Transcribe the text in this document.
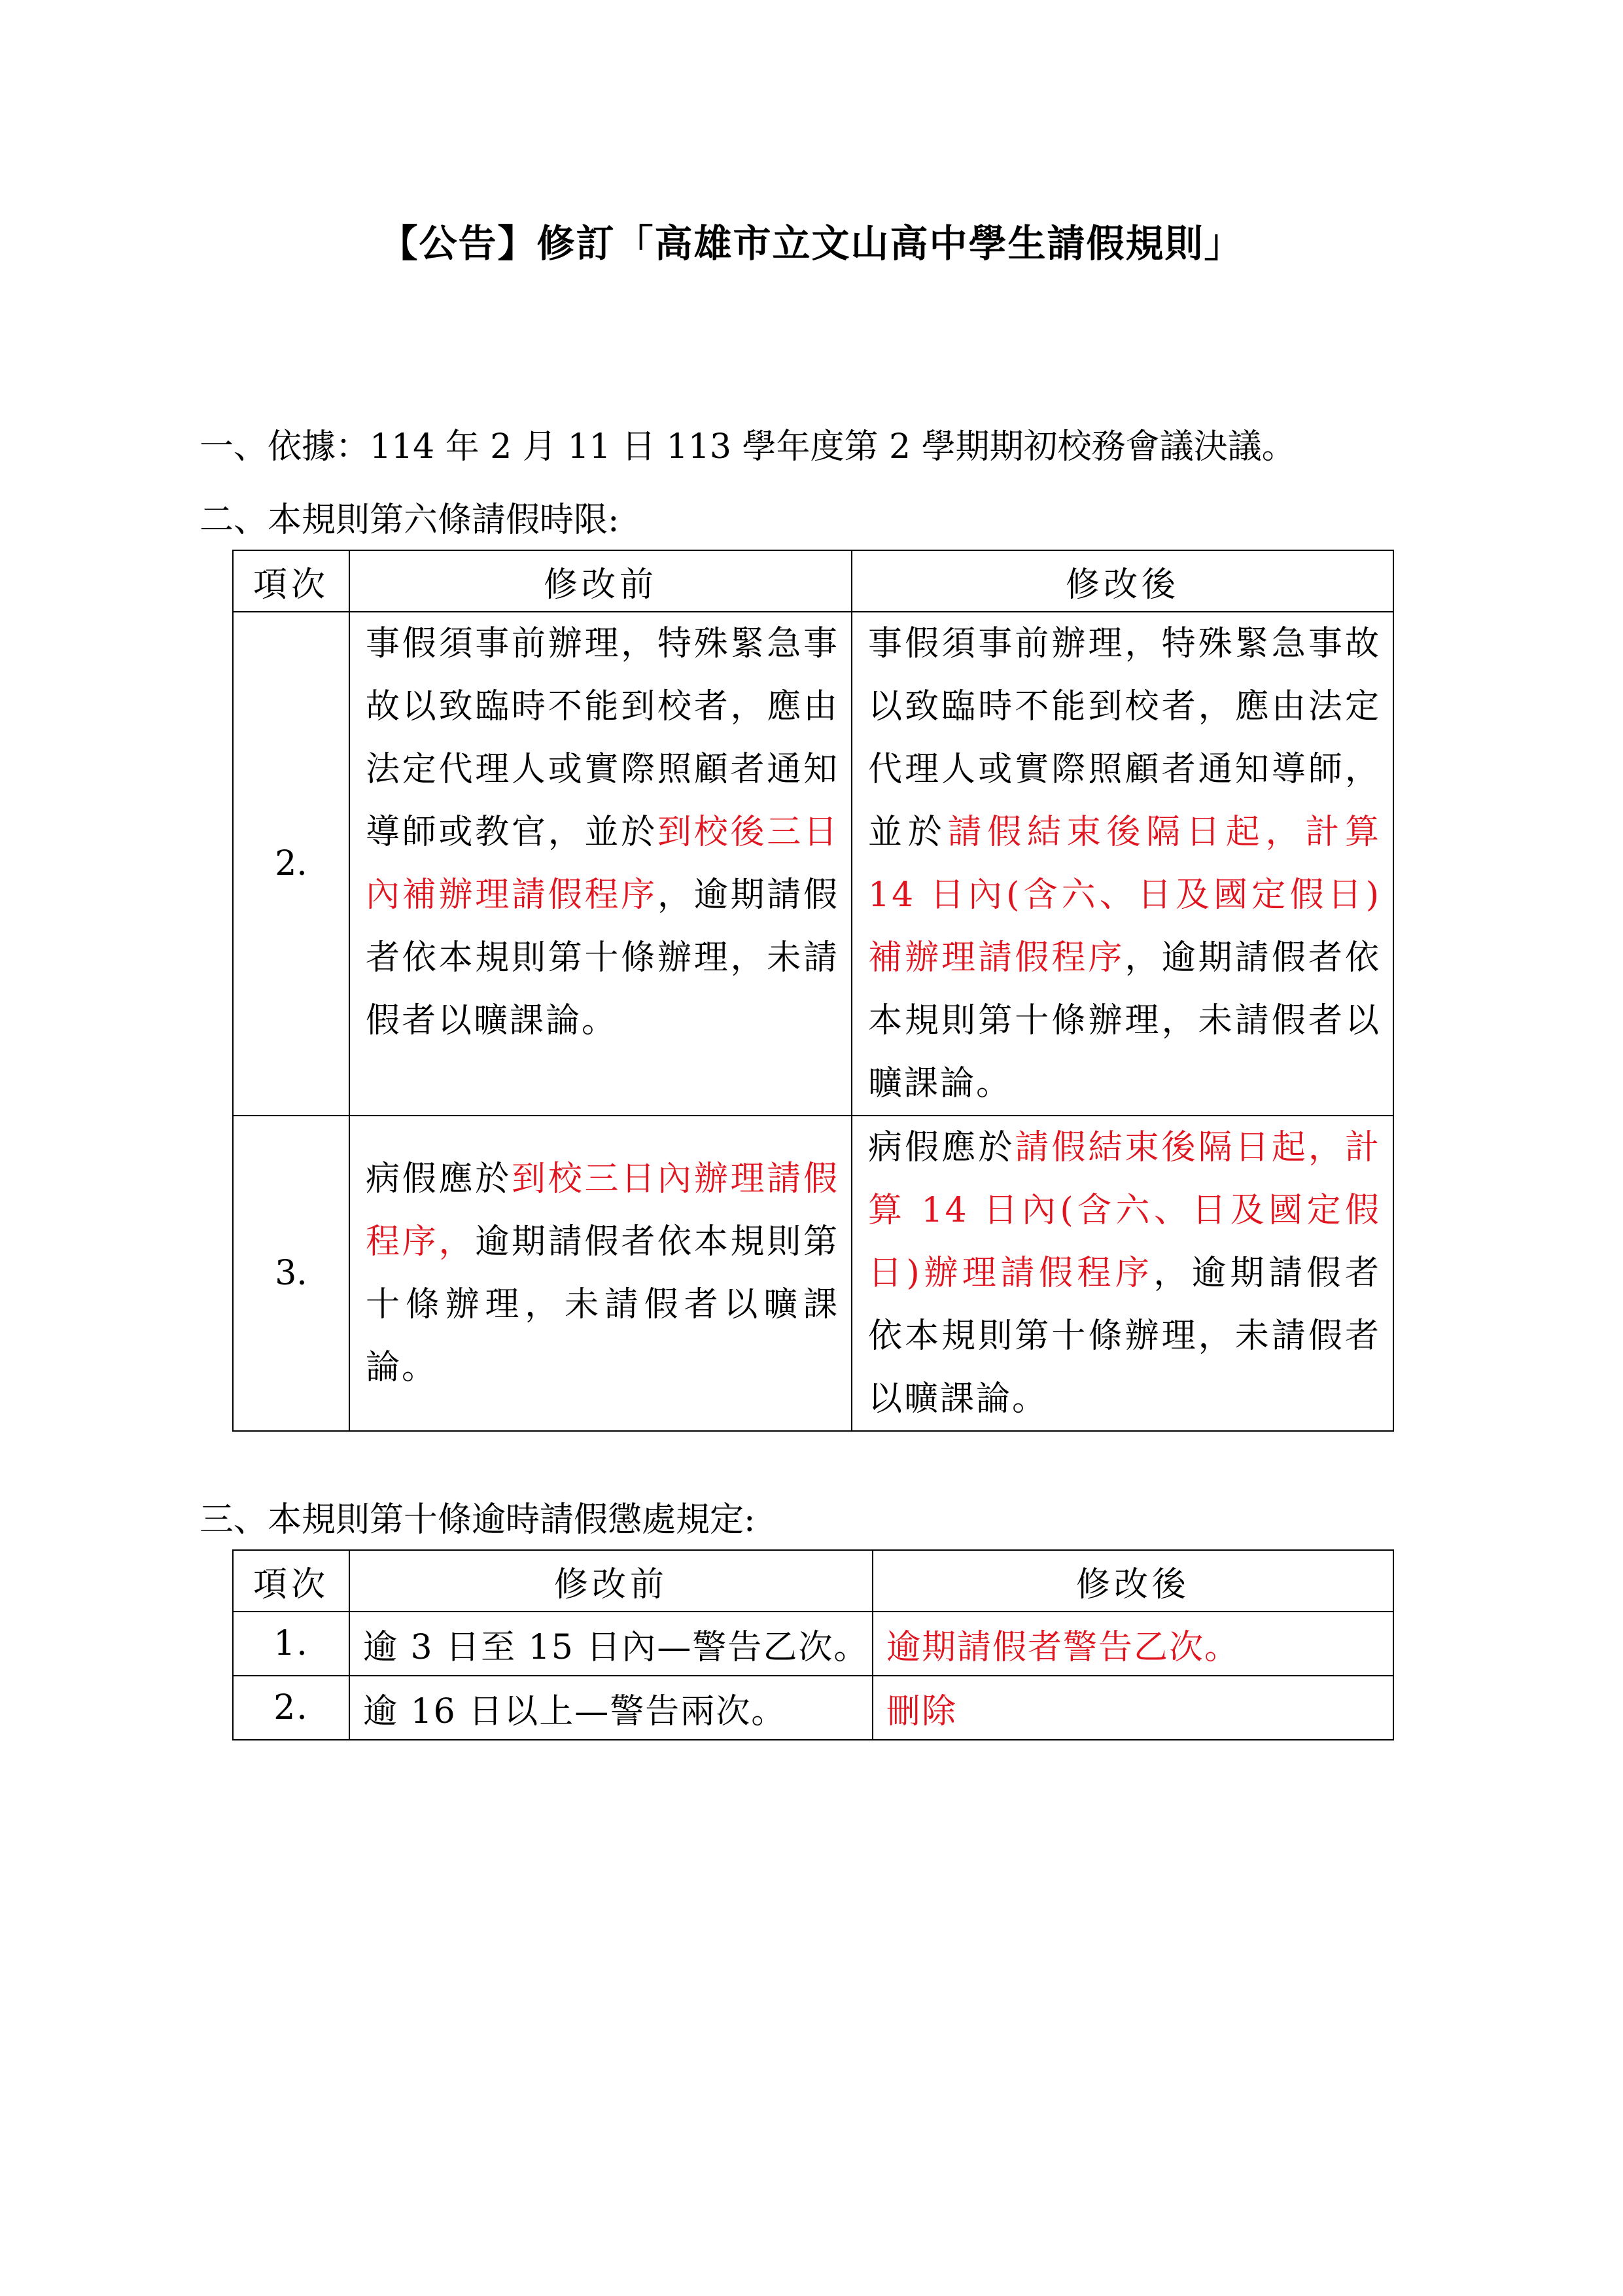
【公告】修訂「高雄市立文山高中學生請假規則」
一、依據：114 年 2 月 11 日 113 學年度第 2 學期期初校務會議決議。
二、本規則第六條請假時限:
項次	修改前	修改後
2.	事假須事前辦理，特殊緊急事故以致臨時不能到校者，應由法定代理人或實際照顧者通知導師或教官，並於到校後三日內補辦理請假程序，逾期請假者依本規則第十條辦理，未請假者以曠課論。	事假須事前辦理，特殊緊急事故以致臨時不能到校者，應由法定代理人或實際照顧者通知導師，並於請假結束後隔日起，計算 14 日內(含六、日及國定假日)補辦理請假程序，逾期請假者依本規則第十條辦理，未請假者以曠課論。
3.	病假應於到校三日內辦理請假程序，逾期請假者依本規則第十條辦理，未請假者以曠課論。	病假應於請假結束後隔日起，計算 14 日內(含六、日及國定假日)辦理請假程序，逾期請假者依本規則第十條辦理，未請假者以曠課論。
三、本規則第十條逾時請假懲處規定:
項次	修改前	修改後
1.	逾 3 日至 15 日內—警告乙次。	逾期請假者警告乙次。
2.	逾 16 日以上—警告兩次。	刪除
